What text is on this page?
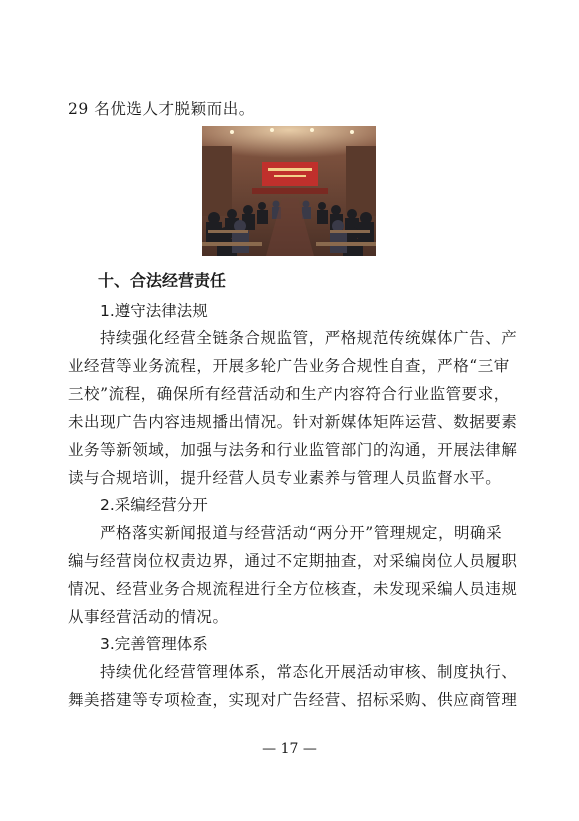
29 名优选人才脱颖而出。
十、合法经营责任
1.遵守法律法规
持续强化经营全链条合规监管，严格规范传统媒体广告、产
业经营等业务流程，开展多轮广告业务合规性自查，严格“三审
三校”流程，确保所有经营活动和生产内容符合行业监管要求，
未出现广告内容违规播出情况。针对新媒体矩阵运营、数据要素
业务等新领域，加强与法务和行业监管部门的沟通，开展法律解
读与合规培训，提升经营人员专业素养与管理人员监督水平。
2.采编经营分开
严格落实新闻报道与经营活动“两分开”管理规定，明确采
编与经营岗位权责边界，通过不定期抽查，对采编岗位人员履职
情况、经营业务合规流程进行全方位核查，未发现采编人员违规
从事经营活动的情况。
3.完善管理体系
持续优化经营管理体系，常态化开展活动审核、制度执行、
舞美搭建等专项检查，实现对广告经营、招标采购、供应商管理
— 17 —
